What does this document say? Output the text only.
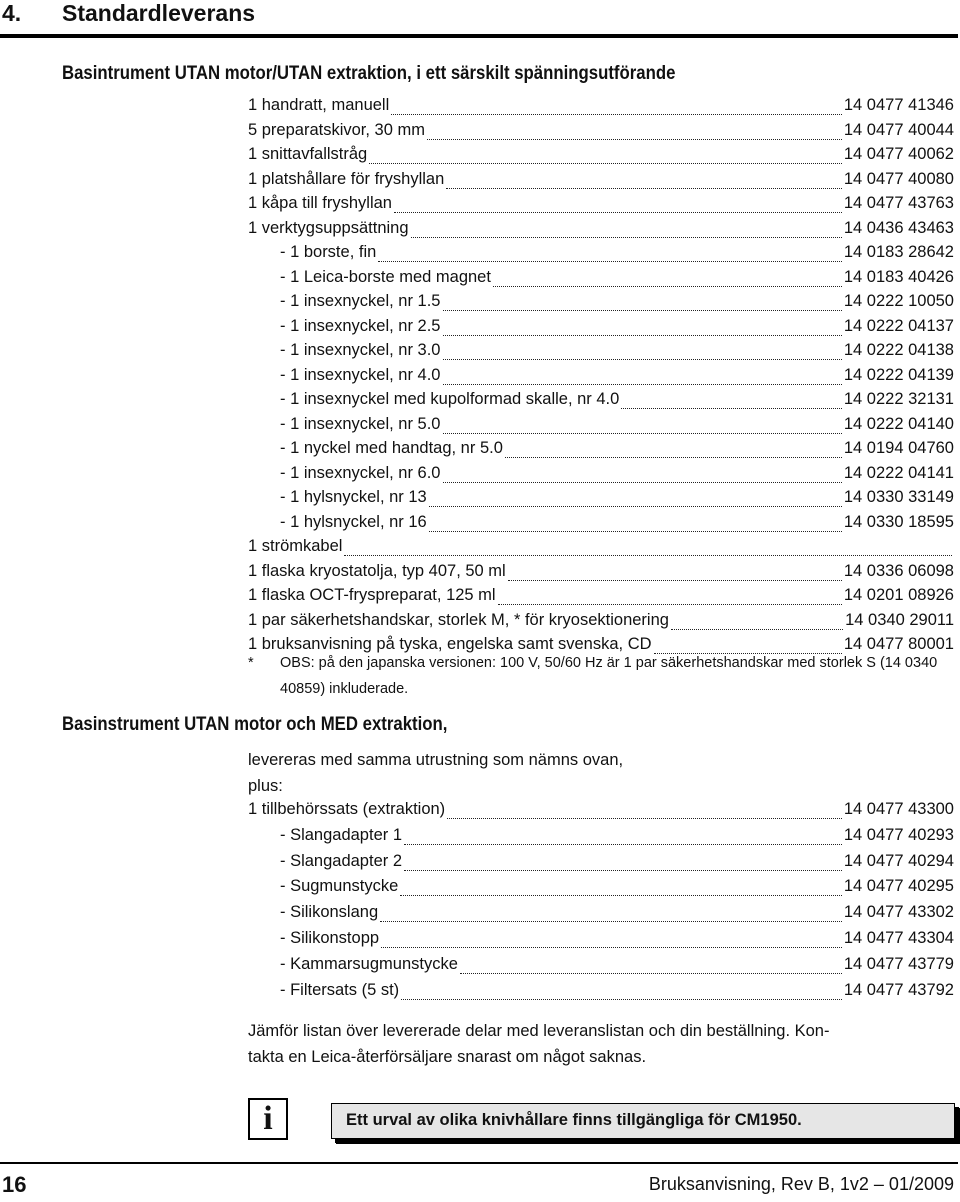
4. Standardleverans
Basintrument UTAN motor/UTAN extraktion, i ett särskilt spänningsutförande
1 handratt, manuell	14 0477 41346
5 preparatskivor, 30 mm	14 0477 40044
1 snittavfallstråg	14 0477 40062
1 platshållare för fryshyllan	14 0477 40080
1 kåpa till fryshyllan	14 0477 43763
1 verktygsuppsättning	14 0436 43463
- 1 borste, fin	14 0183 28642
- 1 Leica-borste med magnet	14 0183 40426
- 1 insexnyckel, nr 1.5	14 0222 10050
- 1 insexnyckel, nr 2.5	14 0222 04137
- 1 insexnyckel, nr 3.0	14 0222 04138
- 1 insexnyckel, nr 4.0	14 0222 04139
- 1 insexnyckel med kupolformad skalle, nr 4.0	14 0222 32131
- 1 insexnyckel, nr 5.0	14 0222 04140
- 1 nyckel med handtag, nr 5.0	14 0194 04760
- 1 insexnyckel, nr 6.0	14 0222 04141
- 1 hylsnyckel, nr 13	14 0330 33149
- 1 hylsnyckel, nr 16	14 0330 18595
1 strömkabel
1 flaska kryostatolja, typ 407, 50 ml	14 0336 06098
1 flaska OCT-fryspreparat, 125 ml	14 0201 08926
1 par säkerhetshandskar, storlek M, * för kryosektionering	14 0340 29011
1 bruksanvisning på tyska, engelska samt svenska, CD	14 0477 80001
* OBS: på den japanska versionen: 100 V, 50/60 Hz är 1 par säkerhetshandskar med storlek S (14 0340 40859) inkluderade.
Basinstrument UTAN motor och MED extraktion,
levereras med samma utrustning som nämns ovan,
plus:
1 tillbehörssats (extraktion)	14 0477 43300
- Slangadapter 1	14 0477 40293
- Slangadapter 2	14 0477 40294
- Sugmunstycke	14 0477 40295
- Silikonslang	14 0477 43302
- Silikonstopp	14 0477 43304
- Kammarsugmunstycke	14 0477 43779
- Filtersats (5 st)	14 0477 43792
Jämför listan över levererade delar med leveranslistan och din beställning. Kon-
takta en Leica-återförsäljare snarast om något saknas.
i	Ett urval av olika knivhållare finns tillgängliga för CM1950.
16	Bruksanvisning, Rev B, 1v2 – 01/2009
